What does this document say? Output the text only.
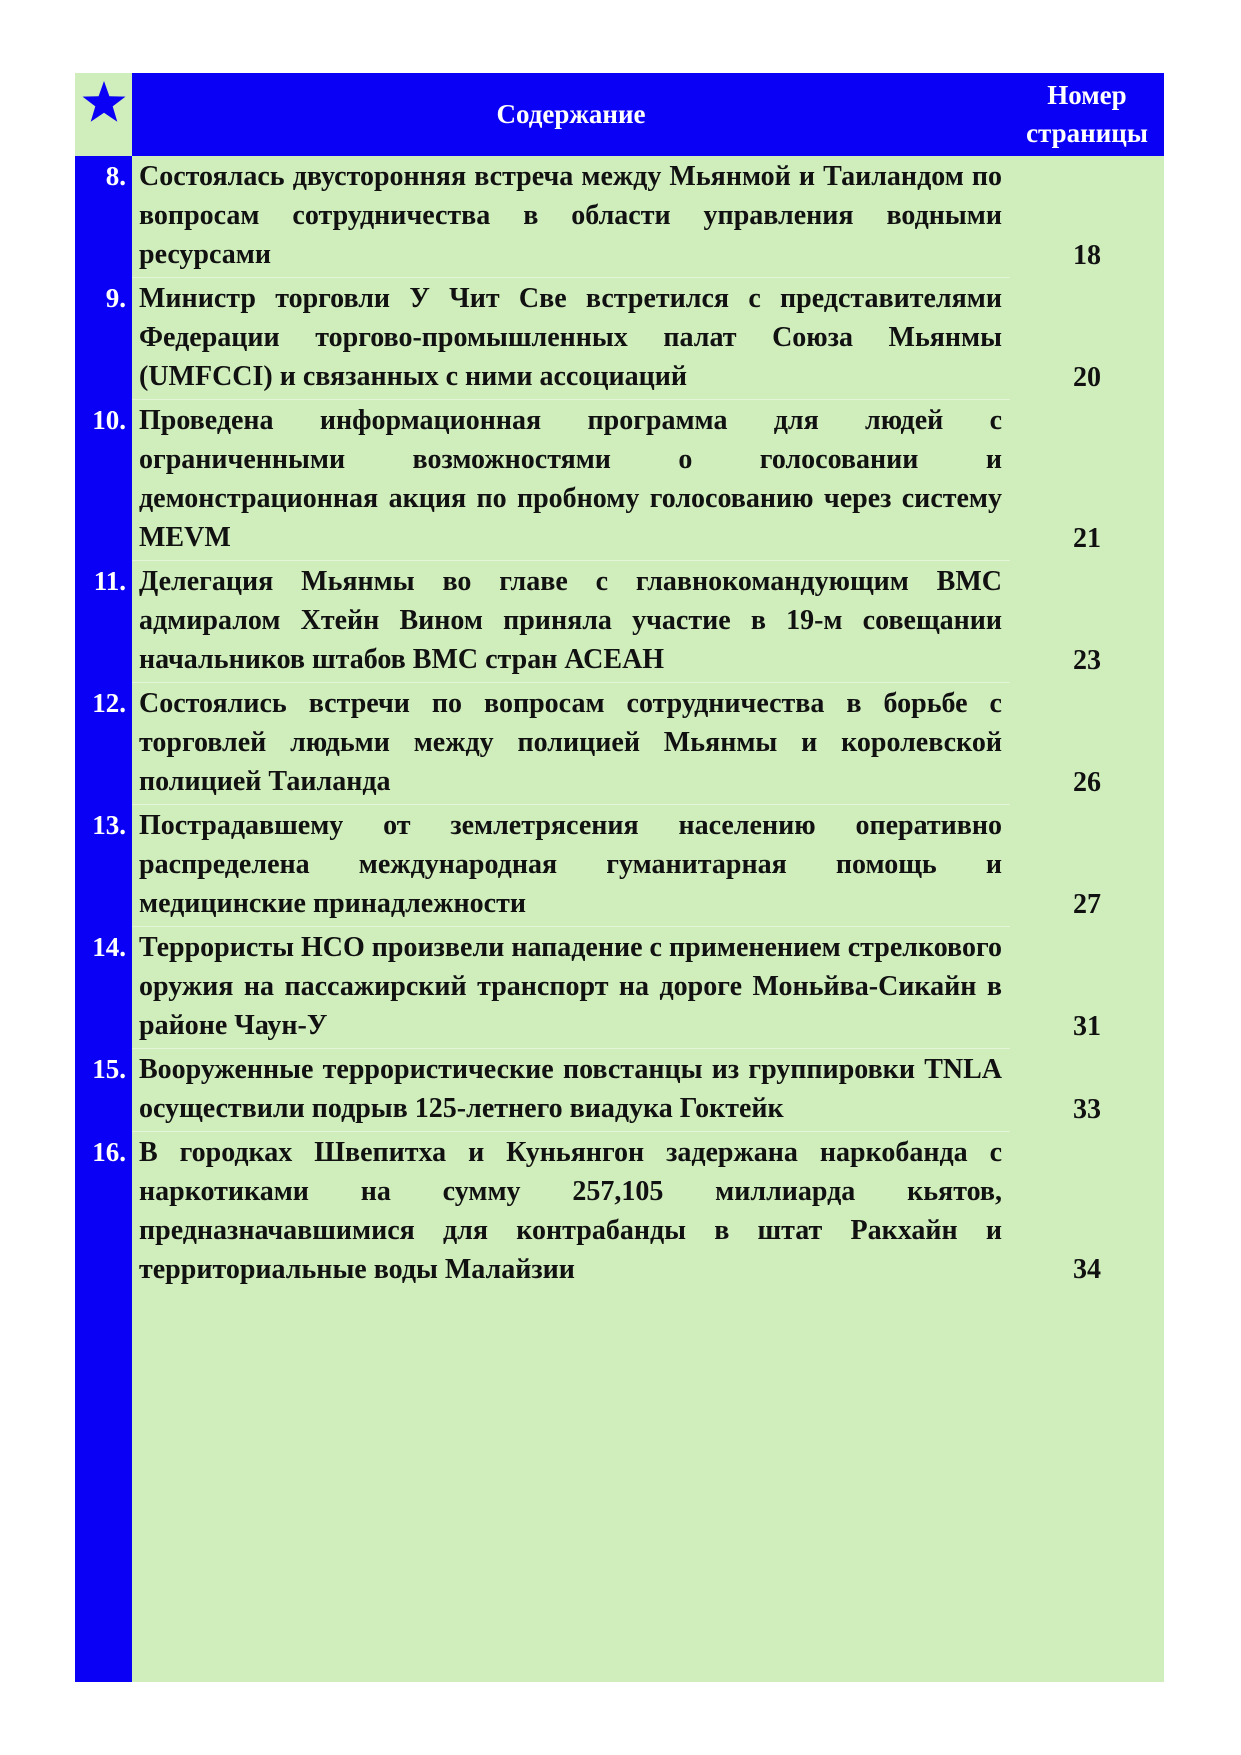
Содержание
Номер
страницы
8. Состоялась двусторонняя встреча между Мьянмой и Таиландом по вопросам сотрудничества в области управления водными ресурсами	18
9. Министр торговли У Чит Све встретился с представителями Федерации торгово-промышленных палат Союза Мьянмы (UMFCCI) и связанных с ними ассоциаций	20
10. Проведена информационная программа для людей с ограниченными возможностями о голосовании и демонстрационная акция по пробному голосованию через систему MEVM	21
11. Делегация Мьянмы во главе с главнокомандующим ВМС адмиралом Хтейн Вином приняла участие в 19-м совещании начальников штабов ВМС стран АСЕАН	23
12. Состоялись встречи по вопросам сотрудничества в борьбе с торговлей людьми между полицией Мьянмы и королевской полицией Таиланда	26
13. Пострадавшему от землетрясения населению оперативно распределена международная гуманитарная помощь и медицинские принадлежности	27
14. Террористы НСО произвели нападение с применением стрелкового оружия на пассажирский транспорт на дороге Моньйва-Сикайн в районе Чаун-У	31
15. Вооруженные террористические повстанцы из группировки TNLA осуществили подрыв 125-летнего виадука Гоктейк	33
16. В городках Швепитха и Куньянгон задержана наркобанда с наркотиками на сумму 257,105 миллиарда кьятов, предназначавшимися для контрабанды в штат Ракхайн и территориальные воды Малайзии	34
